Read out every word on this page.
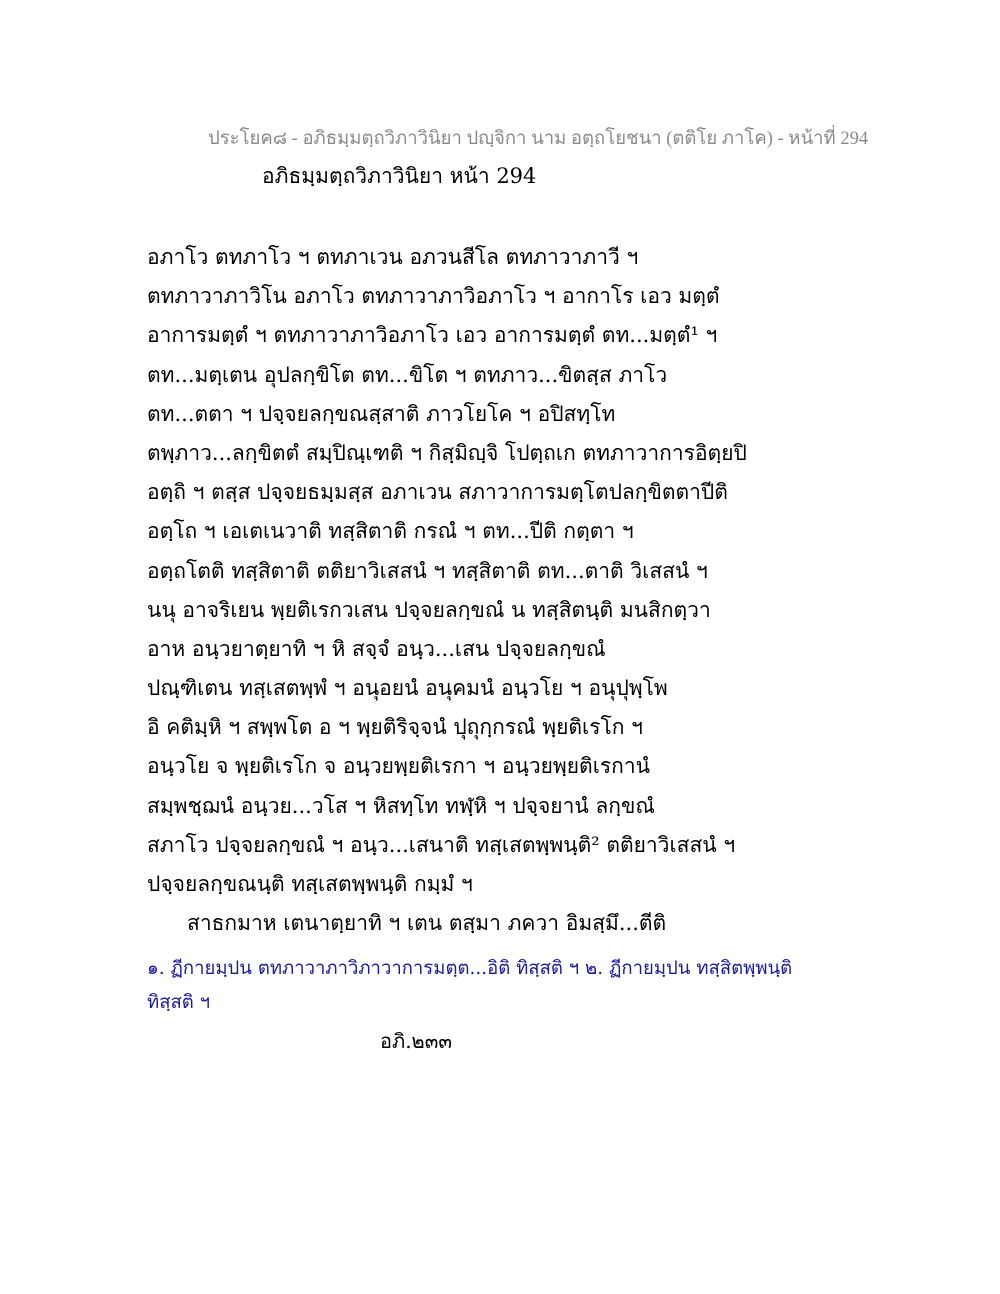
ประโยค๘ - อภิธมฺมตฺถวิภาวินิยา ปญฺจิกา นาม อตฺถโยชนา (ตติโย ภาโค) - หน้าที่ 294
อภิธมฺมตฺถวิภาวินิยา หน้า 294
อภาโว ตทภาโว ฯ ตทภาเวน อภวนสีโล ตทภาวาภาวี ฯ
ตทภาวาภาวิโน อภาโว ตทภาวาภาวิอภาโว ฯ อากาโร เอว มตฺตํ
อาการมตฺตํ ฯ ตทภาวาภาวิอภาโว เอว อาการมตฺตํ ตท...มตฺตํ¹ ฯ
ตท...มตฺเตน อุปลกฺขิโต ตท...ขิโต ฯ ตทภาว...ขิตสฺส ภาโว
ตท...ตตา ฯ ปจฺจยลกฺขณสฺสาติ ภาวโยโค ฯ อปิสทฺโท
ตพฺภาว...ลกฺขิตตํ สมฺปิณฺเฑติ ฯ กิสฺมิญฺจิ โปตฺถเก ตทภาวาการอิตฺยปิ
อตฺถิ ฯ ตสฺส ปจฺจยธมฺมสฺส อภาเวน สภาวาการมตฺโตปลกฺขิตตาปีติ
อตฺโถ ฯ เอเตเนวาติ ทสฺสิตาติ กรณํ ฯ ตท...ปีติ กตฺตา ฯ
อตฺถโตติ ทสฺสิตาติ ตติยาวิเสสนํ ฯ ทสฺสิตาติ ตท...ตาติ วิเสสนํ ฯ
นนุ อาจริเยน พฺยติเรกวเสน ปจฺจยลกฺขณํ น ทสฺสิตนฺติ มนสิกตฺวา
อาห อนฺวยาตฺยาทิ ฯ หิ สจฺจํ อนฺว...เสน ปจฺจยลกฺขณํ
ปณฺฑิเตน ทสฺเสตพฺพํ ฯ อนุอยนํ อนุคมนํ อนฺวโย ฯ อนุปุพฺโพ
อิ คติมฺหิ ฯ สพฺพโต อ ฯ พฺยติริจฺจนํ ปุถุกฺกรณํ พฺยติเรโก ฯ
อนฺวโย จ พฺยติเรโก จ อนฺวยพฺยติเรกา ฯ อนฺวยพฺยติเรกานํ
สมฺพชฺฌนํ อนฺวย...วโส ฯ หิสทฺโท ทฬฺหิ ฯ ปจฺจยานํ ลกฺขณํ
สภาโว ปจฺจยลกฺขณํ ฯ อนฺว...เสนาติ ทสฺเสตพฺพนฺติ² ตติยาวิเสสนํ ฯ
ปจฺจยลกฺขณนฺติ ทสฺเสตพฺพนฺติ กมฺมํ ฯ
สาธกมาห เตนาตฺยาทิ ฯ เตน ตสฺมา ภควา อิมสฺมึ...ตีติ
๑. ฏีกายมฺปน ตทภาวาภาวิภาวาการมตฺต...อิติ ทิสฺสติ ฯ ๒. ฏีกายมฺปน ทสฺสิตพฺพนฺติ
ทิสฺสติ ฯ
อภิ.๒๓๓
